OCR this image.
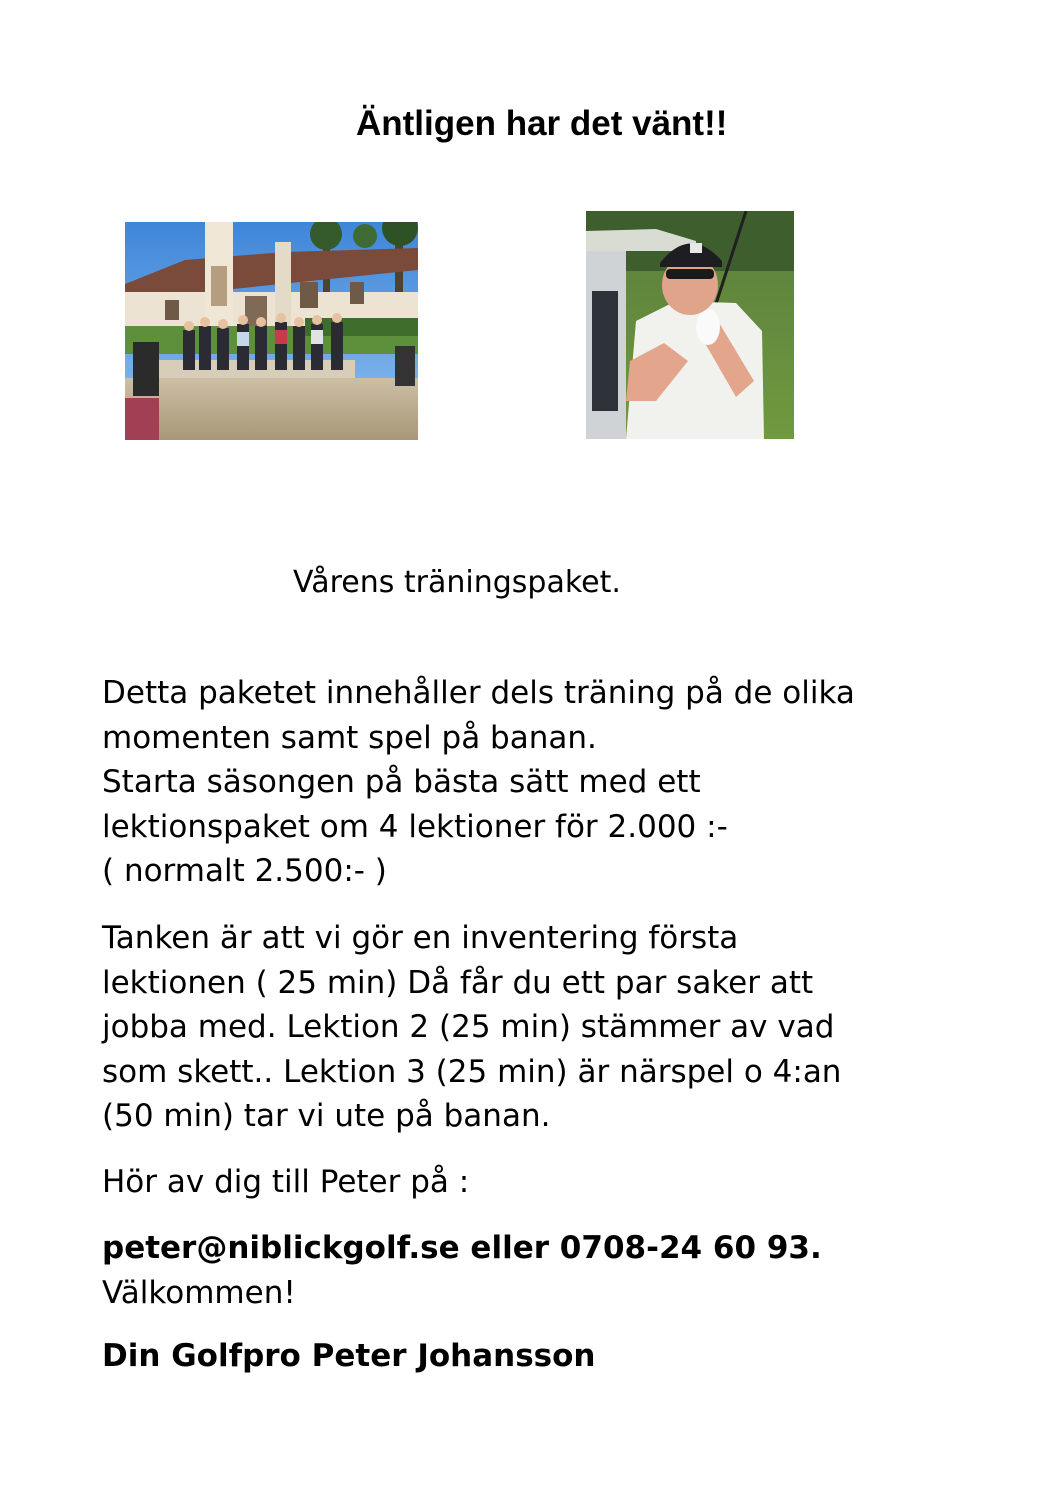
Äntligen har det vänt!!
Vårens träningspaket.
Detta paketet innehåller dels träning på de olika
momenten samt spel på banan.
Starta säsongen på bästa sätt med ett
lektionspaket om 4 lektioner för 2.000 :-
( normalt 2.500:- )
Tanken är att vi gör en inventering första
lektionen ( 25 min) Då får du ett par saker att
jobba med. Lektion 2 (25 min) stämmer av vad
som skett.. Lektion 3 (25 min) är närspel o 4:an
(50 min) tar vi ute på banan.
Hör av dig till Peter på :
peter@niblickgolf.se eller 0708-24 60 93.
Välkommen!
Din Golfpro Peter Johansson
